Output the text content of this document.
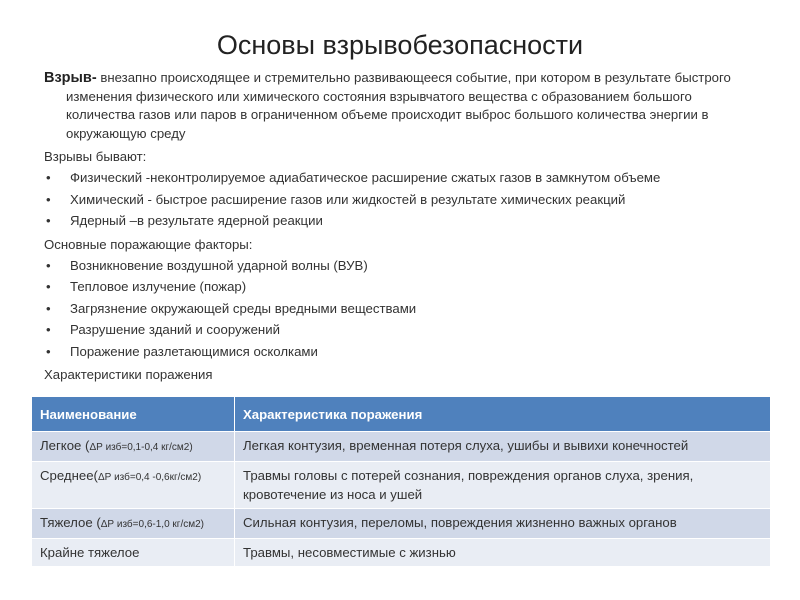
Основы взрывобезопасности
Взрыв- внезапно происходящее и стремительно развивающееся событие, при котором в результате быстрого изменения физического или химического состояния взрывчатого вещества с образованием большого количества газов или паров в ограниченном объеме происходит выброс большого количества энергии в окружающую среду

Взрывы бывают:

• Физический -неконтролируемое адиабатическое расширение сжатых газов в замкнутом объеме
• Химический - быстрое расширение газов или жидкостей в результате химических реакций
• Ядерный –в результате ядерной реакции

Основные поражающие факторы:

• Возникновение воздушной ударной волны (ВУВ)
• Тепловое излучение (пожар)
• Загрязнение окружающей среды вредными веществами
• Разрушение зданий и сооружений
• Поражение разлетающимися осколками

Характеристики поражения

Наименование	Характеристика поражения
Легкое (ΔР изб=0,1-0,4 кг/см2)	Легкая контузия, временная потеря слуха, ушибы и вывихи конечностей
Среднее(ΔР изб=0,4 -0,6кг/см2)	Травмы головы с потерей сознания, повреждения органов слуха, зрения, кровотечение из носа и ушей
Тяжелое (ΔР изб=0,6-1,0 кг/см2)	Сильная контузия, переломы, повреждения жизненно важных органов
Крайне тяжелое	Травмы, несовместимые с жизнью
